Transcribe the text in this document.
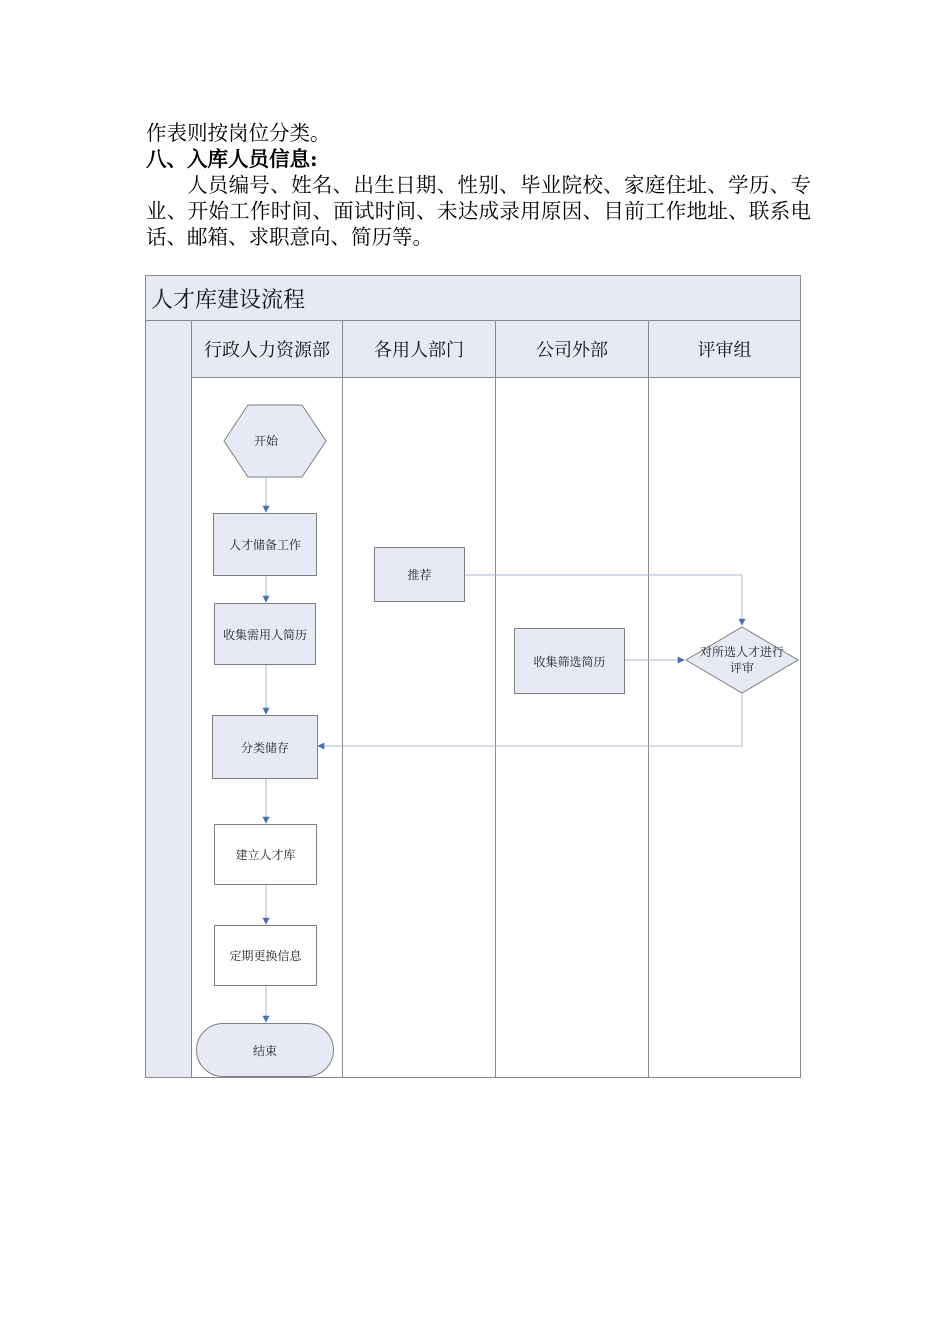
作表则按岗位分类。

八、入库人员信息:

人员编号、姓名、出生日期、性别、毕业院校、家庭住址、学历、专业、开始工作时间、面试时间、未达成录用原因、目前工作地址、联系电话、邮箱、求职意向、简历等。

人才库建设流程
行政人力资源部	各用人部门	公司外部	评审组
开始
对所选人才进行评审
人才储备工作
收集需用人简历
分类储存
建立人才库
定期更换信息
结束
推荐
收集筛选简历
